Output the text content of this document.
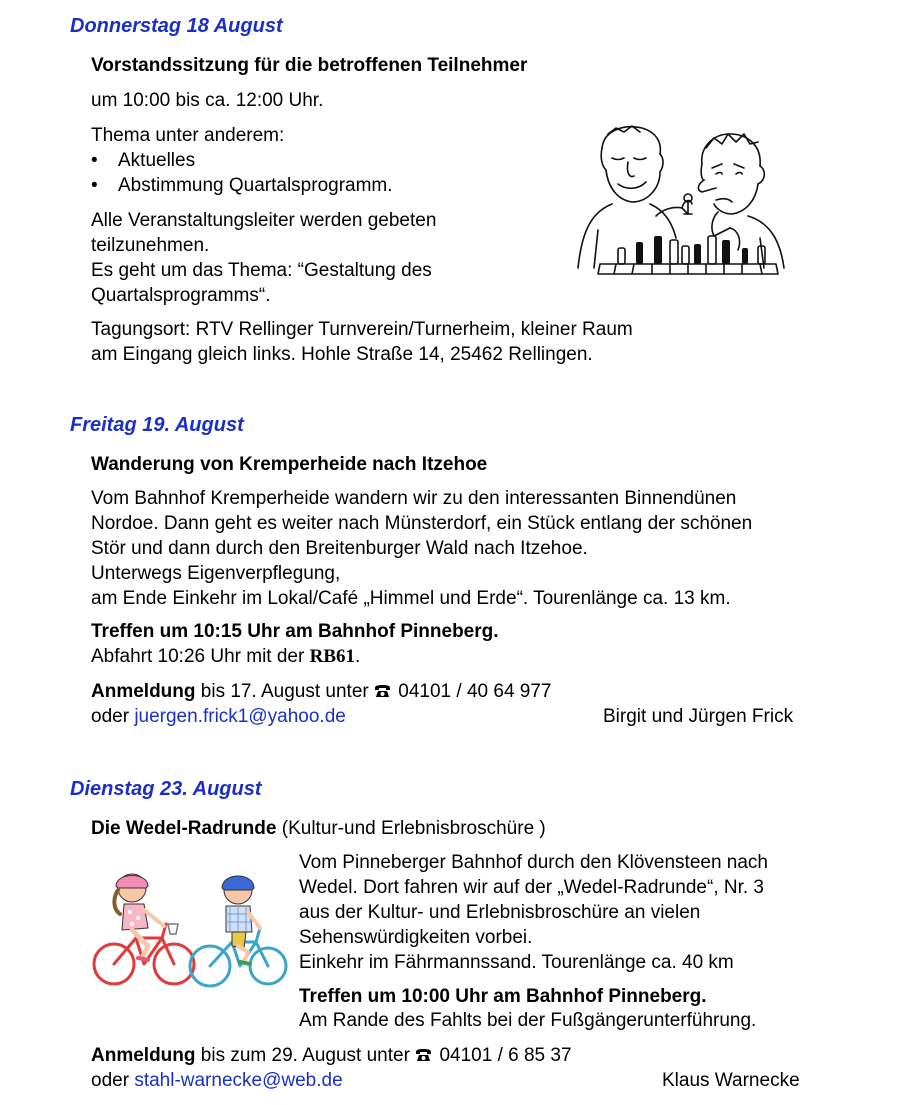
Donnerstag 18 August
Vorstandssitzung für die betroffenen Teilnehmer
um 10:00 bis ca. 12:00 Uhr.
Thema unter anderem:
• Aktuelles
• Abstimmung Quartalsprogramm.
Alle Veranstaltungsleiter werden gebeten
teilzunehmen.
Es geht um das Thema: “Gestaltung des
Quartalsprogramms“.
Tagungsort: RTV Rellinger Turnverein/Turnerheim, kleiner Raum
am Eingang gleich links. Hohle Straße 14, 25462 Rellingen.
Freitag 19. August
Wanderung von Kremperheide nach Itzehoe
Vom Bahnhof Kremperheide wandern wir zu den interessanten Binnendünen
Nordoe. Dann geht es weiter nach Münsterdorf, ein Stück entlang der schönen
Stör und dann durch den Breitenburger Wald nach Itzehoe.
Unterwegs Eigenverpflegung,
am Ende Einkehr im Lokal/Café „Himmel und Erde“. Tourenlänge ca. 13 km.
Treffen um 10:15 Uhr am Bahnhof Pinneberg.
Abfahrt 10:26 Uhr mit der RB61.
Anmeldung bis 17. August unter  04101 / 40 64 977
oder juergen.frick1@yahoo.de	Birgit und Jürgen Frick
Dienstag 23. August
Die Wedel-Radrunde (Kultur-und Erlebnisbroschüre )
Vom Pinneberger Bahnhof durch den Klövensteen nach
Wedel. Dort fahren wir auf der „Wedel-Radrunde“, Nr. 3
aus der Kultur- und Erlebnisbroschüre an vielen
Sehenswürdigkeiten vorbei.
Einkehr im Fährmannssand. Tourenlänge ca. 40 km
Treffen um 10:00 Uhr am Bahnhof Pinneberg.
Am Rande des Fahlts bei der Fußgängerunterführung.
Anmeldung bis zum 29. August unter  04101 / 6 85 37
oder stahl-warnecke@web.de	Klaus Warnecke
